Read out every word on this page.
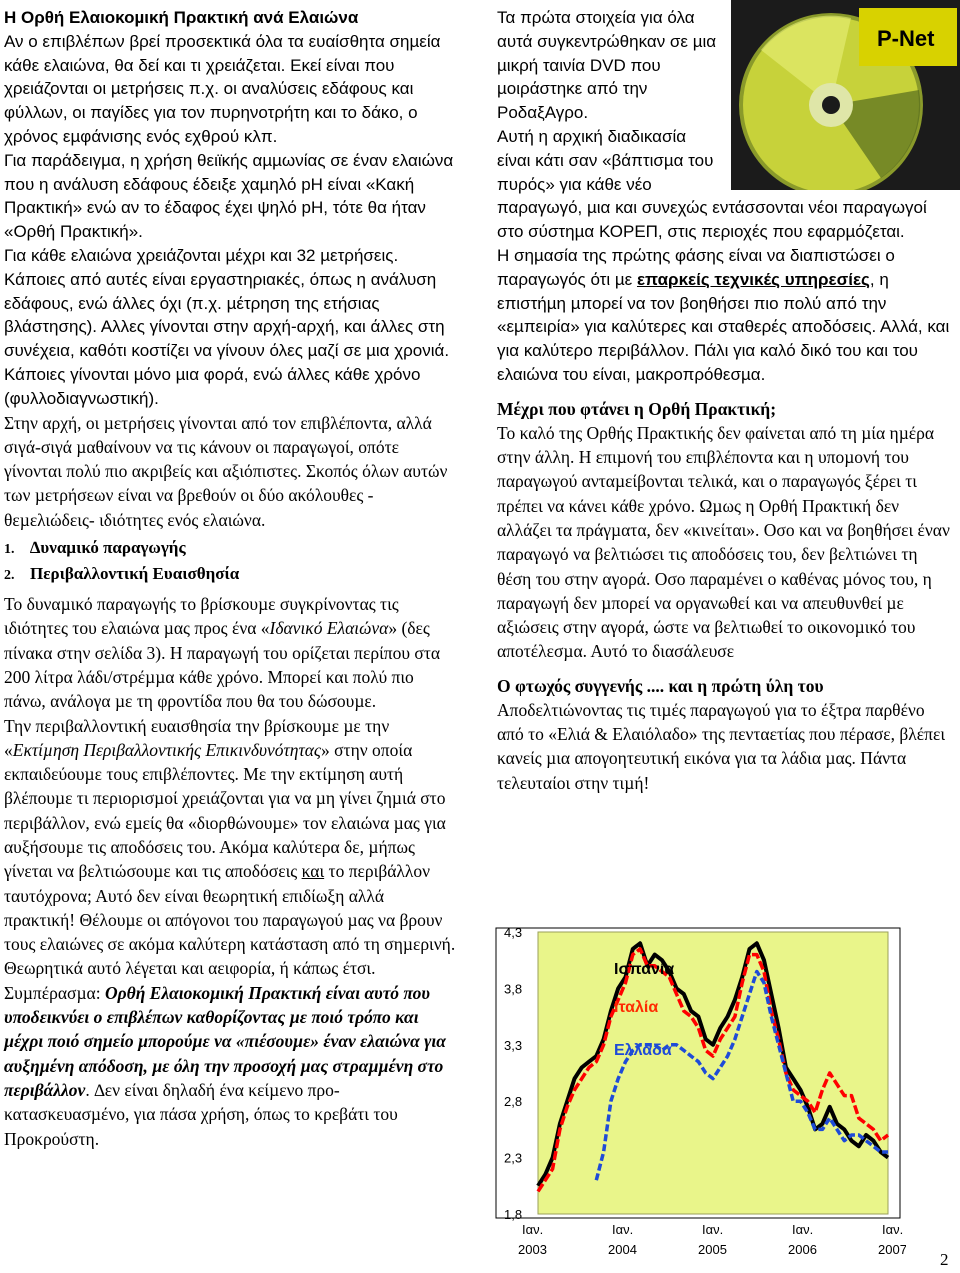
Η Ορθή Ελαιοκοµική Πρακτική ανά Ελαιώνα

Αν ο επιβλέπων βρεί προσεκτικά όλα τα ευαίσθητα σηµεία κάθε ελαιώνα, θα δεί και τι χρειάζεται. Εκεί είναι που χρειάζονται οι µετρήσεις π.χ. οι αναλύσεις εδάφους και φύλλων, οι παγίδες για τον πυρηνοτρήτη και το δάκο, ο χρόνος εµφάνισης ενός εχθρού κλπ.

Για παράδειγµα, η χρήση θειϊκής αµµωνίας σε έναν ελαιώνα που η ανάλυση εδάφους έδειξε χαµηλό pH είναι «Κακή Πρακτική» ενώ αν το έδαφος έχει ψηλό pH, τότε θα ήταν «Ορθή Πρακτική».

Για κάθε ελαιώνα χρειάζονται µέχρι και 32 µετρήσεις. Κάποιες από αυτές είναι εργαστηριακές, όπως η ανάλυση εδάφους, ενώ άλλες όχι (π.χ. µέτρηση της ετήσιας βλάστησης). Αλλες γίνονται στην αρχή-αρχή, και άλλες στη συνέχεια, καθότι κοστίζει να γίνουν όλες µαζί σε µια χρονιά. Κάποιες γίνονται µόνο µια φορά, ενώ άλλες κάθε χρόνο (φυλλοδιαγνωστική).

Στην αρχή, οι µετρήσεις γίνονται από τον επιβλέποντα, αλλά σιγά-σιγά µαθαίνουν να τις κάνουν οι παραγωγοί, οπότε γίνονται πολύ πιο ακριβείς και αξιόπιστες. Σκοπός όλων αυτών των µετρήσεων είναι να βρεθούν οι δύο ακόλουθες - θεµελιώδεις- ιδιότητες ενός ελαιώνα.

1. ∆υναµικό παραγωγής
2. Περιβαλλοντική Ευαισθησία

Το δυναµικό παραγωγής το βρίσκουµε συγκρίνοντας τις ιδιότητες του ελαιώνα µας προς ένα «Ιδανικό Ελαιώνα» (δες πίνακα στην σελίδα 3). Η παραγωγή του ορίζεται περίπου στα 200 λίτρα λάδι/στρέµµα κάθε χρόνο. Μπορεί και πολύ πιο πάνω, ανάλογα µε τη φροντίδα που θα του δώσουµε.

Την περιβαλλοντική ευαισθησία την βρίσκουµε µε την «Εκτίµηση Περιβαλλοντικής Επικινδυνότητας» στην οποία εκπαιδεύουµε τους επιβλέποντες. Με την εκτίµηση αυτή βλέπουµε τι περιορισµοί χρειάζονται για να µη γίνει ζηµιά στο περιβάλλον, ενώ εµείς θα «διορθώνουµε» τον ελαιώνα µας για αυξήσουµε τις αποδόσεις του. Ακόµα καλύτερα δε, µήπως γίνεται να βελτιώσουµε και τις αποδόσεις και το περιβάλλον ταυτόχρονα; Αυτό δεν είναι θεωρητική επιδίωξη αλλά πρακτική! Θέλουµε οι απόγονοι του παραγωγού µας να βρουν τους ελαιώνες σε ακόµα καλύτερη κατάσταση από τη σηµερινή. Θεωρητικά αυτό λέγεται και αειφορία, ή κάπως έτσι.

Συµπέρασµα: Ορθή Ελαιοκοµική Πρακτική είναι αυτό που υποδεικνύει ο επιβλέπων καθορίζοντας µε ποιό τρόπο και µέχρι ποιό σηµείο µπορούµε να «πιέσουµε» έναν ελαιώνα για αυξηµένη απόδοση, µε όλη την προσοχή µας στραµµένη στο περιβάλλον. ∆εν είναι δηλαδή ένα κείµενο προ-κατασκευασµένο, για πάσα χρήση, όπως το κρεβάτι του Προκρούστη.

P-Net

Τα πρώτα στοιχεία για όλα αυτά συγκεντρώθηκαν σε µια µικρή ταινία DVD που µοιράστηκε από την ΡοδαξΑγρο.

Αυτή η αρχική διαδικασία είναι κάτι σαν «βάπτισµα του πυρός» για κάθε νέο παραγωγό, µια και συνεχώς εντάσσονται νέοι παραγωγοί στο σύστηµα ΚΟΡΕΠ, στις περιοχές που εφαρµόζεται.

Η σηµασία της πρώτης φάσης είναι να διαπιστώσει ο παραγωγός ότι µε επαρκείς τεχνικές υπηρεσίες, η επιστήµη µπορεί να τον βοηθήσει πιο πολύ από την «εµπειρία» για καλύτερες και σταθερές αποδόσεις. Αλλά, και για καλύτερο περιβάλλον. Πάλι για καλό δικό του και του ελαιώνα του είναι, µακροπρόθεσµα.

Μέχρι που φτάνει η Ορθή Πρακτική;

Το καλό της Ορθής Πρακτικής δεν φαίνεται από τη µία ηµέρα στην άλλη. Η επιµονή του επιβλέποντα και η υποµονή του παραγωγού ανταµείβονται τελικά, και ο παραγωγός ξέρει τι πρέπει να κάνει κάθε χρόνο. Ωµως η Ορθή Πρακτική δεν αλλάζει τα πράγµατα, δεν «κινείται». Οσο και να βοηθήσει έναν παραγωγό να βελτιώσει τις αποδόσεις του, δεν βελτιώνει τη θέση του στην αγορά. Οσο παραµένει ο καθένας µόνος του, η παραγωγή δεν µπορεί να οργανωθεί και να απευθυνθεί µε αξιώσεις στην αγορά, ώστε να βελτιωθεί το οικονοµικό του αποτέλεσµα. Αυτό το διασάλευσε

Ο φτωχός συγγενής .... και η πρώτη ύλη του

Αποδελτιώνοντας τις τιµές παραγωγού για το έξτρα παρθένο από το «Ελιά & Ελαιόλαδο» της πενταετίας που πέρασε, βλέπει κανείς µια απογοητευτική εικόνα για τα λάδια µας. Πάντα τελευταίοι στην τιµή!

4,3
3,8
3,3
2,8
2,3
1,8
Ιαν.
2003
Ιαν.
2004
Ιαν.
2005
Ιαν.
2006
Ιαν.
2007
Ισπανία
Ιταλία
Ελλάδα
2
